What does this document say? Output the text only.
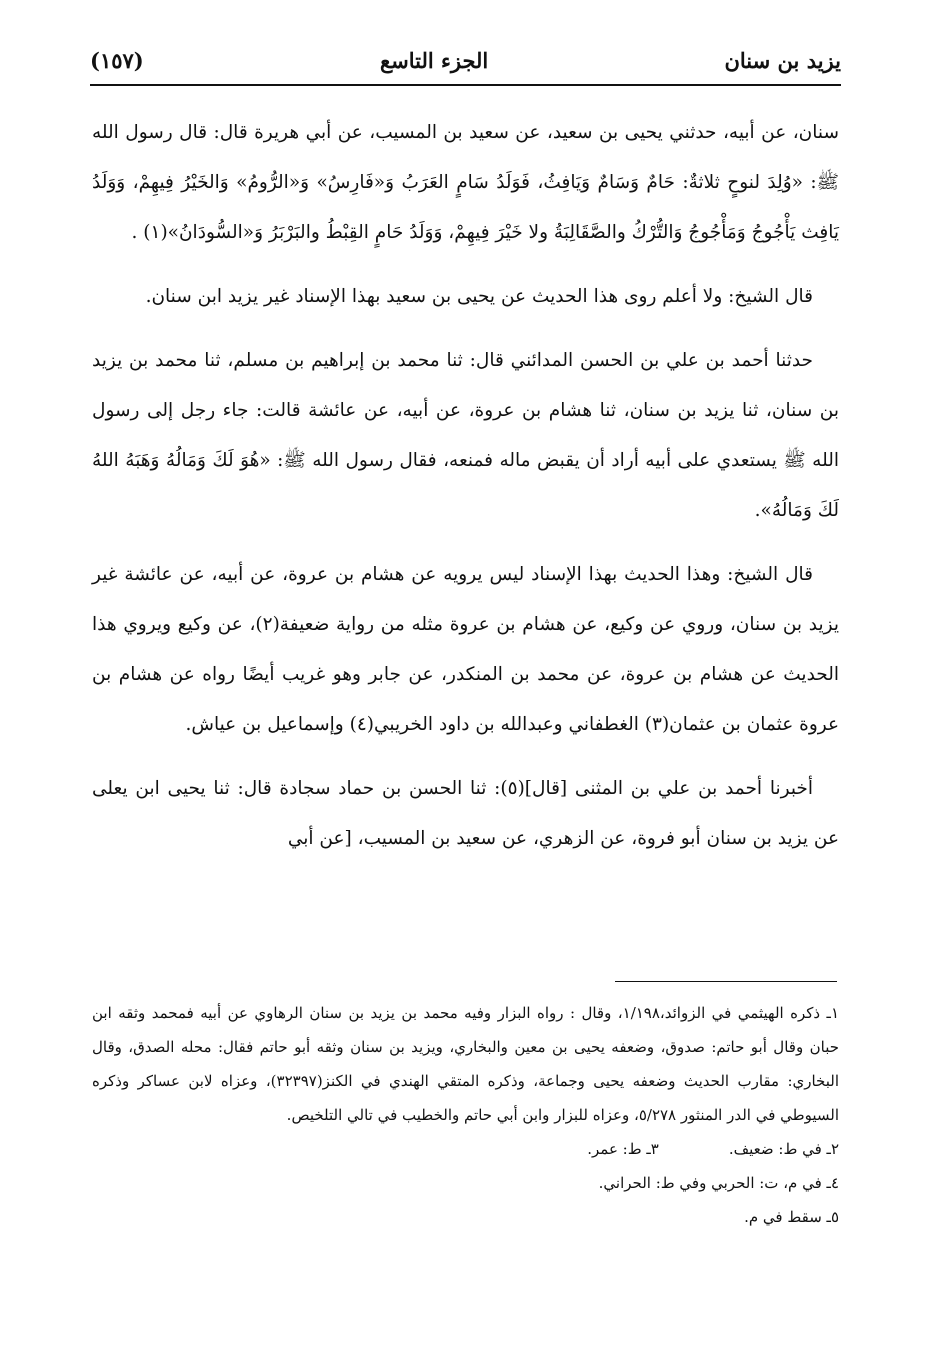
يزيد بن سنان
الجزء التاسع
(١٥٧)

سنان، عن أبيه، حدثني يحيى بن سعيد، عن سعيد بن المسيب، عن أبي هريرة قال: قال رسول الله ﷺ: «وُلِدَ لنوحٍ ثلاثةٌ: حَامٌ وَسَامٌ وَيَافِثُ، فَوَلَدُ سَامٍ العَرَبُ وَ«فَارِسُ» وَ«الرُّومُ» وَالخَيْرُ فِيهِمْ، وَوَلَدُ يَافِث يَأْجُوجُ وَمَأْجُوجُ وَالتُّرْكُ والصَّقَالِبَةُ ولا خَيْرَ فِيهِمْ، وَوَلَدُ حَامٍ القِبْطُ والبَرْبَرُ وَ«السُّودَانُ»(١) .

قال الشيخ: ولا أعلم روى هذا الحديث عن يحيى بن سعيد بهذا الإسناد غير يزيد ابن سنان.

حدثنا أحمد بن علي بن الحسن المدائني قال: ثنا محمد بن إبراهيم بن مسلم، ثنا محمد بن يزيد بن سنان، ثنا يزيد بن سنان، ثنا هشام بن عروة، عن أبيه، عن عائشة قالت: جاء رجل إلى رسول الله ﷺ يستعدي على أبيه أراد أن يقبض ماله فمنعه، فقال رسول الله ﷺ: «هُوَ لَكَ وَمَالُهُ وَهَبَهُ اللهُ لَكَ وَمَالُهُ».

قال الشيخ: وهذا الحديث بهذا الإسناد ليس يرويه عن هشام بن عروة، عن أبيه، عن عائشة غير يزيد بن سنان، وروي عن وكيع، عن هشام بن عروة مثله من رواية ضعيفة(٢)، عن وكيع ويروي هذا الحديث عن هشام بن عروة، عن محمد بن المنكدر، عن جابر وهو غريب أيضًا رواه عن هشام بن عروة عثمان بن عثمان(٣) الغطفاني وعبدالله بن داود الخريبي(٤) وإسماعيل بن عياش.

أخبرنا أحمد بن علي بن المثنى [قال](٥): ثنا الحسن بن حماد سجادة قال: ثنا يحيى ابن يعلى عن يزيد بن سنان أبو فروة، عن الزهري، عن سعيد بن المسيب، [عن أبي

١ـ ذكره الهيثمي في الزوائد،١/١٩٨، وقال : رواه البزار وفيه محمد بن يزيد بن سنان الرهاوي عن أبيه فمحمد وثقه ابن حبان وقال أبو حاتم: صدوق، وضعفه يحيى بن معين والبخاري، ويزيد بن سنان وثقه أبو حاتم فقال: محله الصدق، وقال البخاري: مقارب الحديث وضعفه يحيى وجماعة، وذكره المتقي الهندي في الكنز(٣٢٣٩٧)، وعزاه لابن عساكر وذكره السيوطي في الدر المنثور ٥/٢٧٨، وعزاه للبزار وابن أبي حاتم والخطيب في تالي التلخيص.

٢ـ في ط: ضعيف.
٣ـ ط: عمر.

٤ـ في م، ت: الحربي وفي ط: الحراني.

٥ـ سقط في م.
